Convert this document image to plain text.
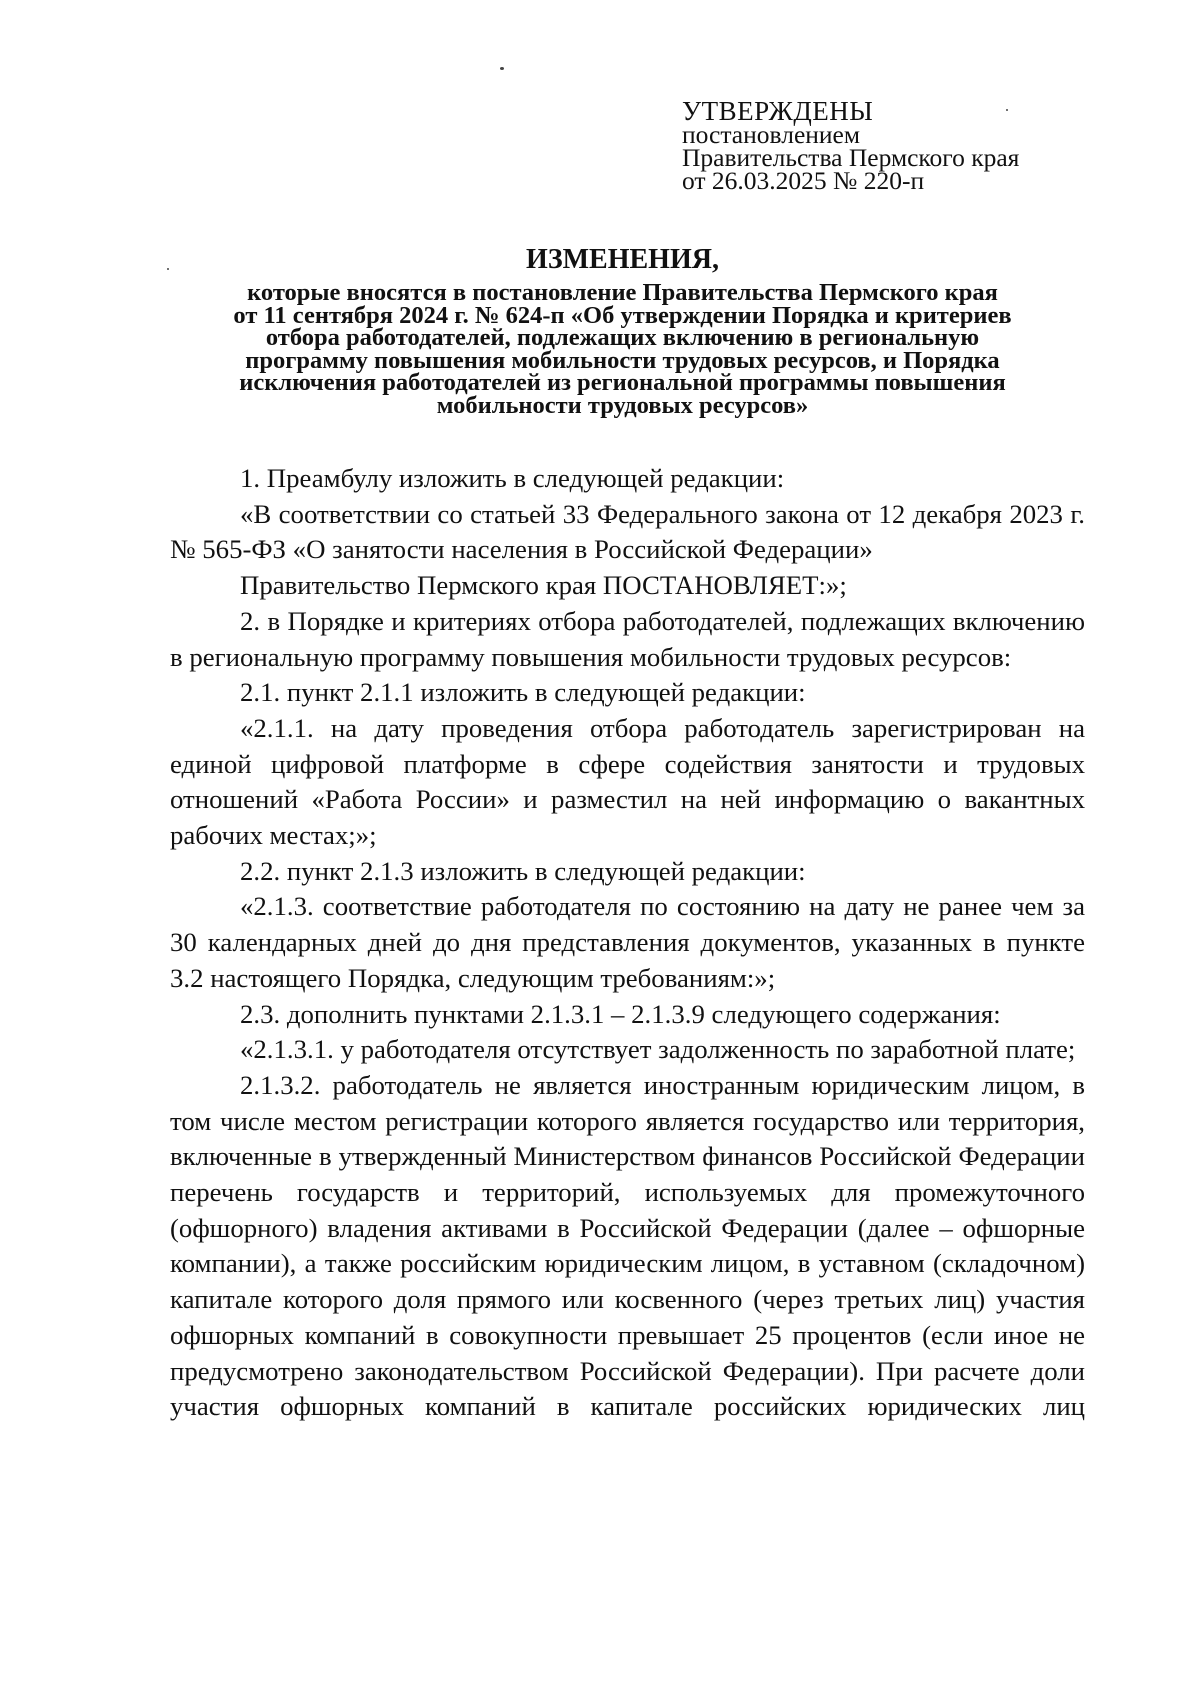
УТВЕРЖДЕНЫ
постановлением
Правительства Пермского края
от 26.03.2025 № 220-п
ИЗМЕНЕНИЯ,
которые вносятся в постановление Правительства Пермского края
от 11 сентября 2024 г. № 624-п «Об утверждении Порядка и критериев
отбора работодателей, подлежащих включению в региональную
программу повышения мобильности трудовых ресурсов, и Порядка
исключения работодателей из региональной программы повышения
мобильности трудовых ресурсов»

1. Преамбулу изложить в следующей редакции:

«В соответствии со статьей 33 Федерального закона от 12 декабря 2023 г. № 565-ФЗ «О занятости населения в Российской Федерации»

Правительство Пермского края ПОСТАНОВЛЯЕТ:»;

2. в Порядке и критериях отбора работодателей, подлежащих включению в региональную программу повышения мобильности трудовых ресурсов:

2.1. пункт 2.1.1 изложить в следующей редакции:

«2.1.1. на дату проведения отбора работодатель зарегистрирован на единой цифровой платформе в сфере содействия занятости и трудовых отношений «Работа России» и разместил на ней информацию о вакантных рабочих местах;»;

2.2. пункт 2.1.3 изложить в следующей редакции:

«2.1.3. соответствие работодателя по состоянию на дату не ранее чем за 30 календарных дней до дня представления документов, указанных в пункте 3.2 настоящего Порядка, следующим требованиям:»;

2.3. дополнить пунктами 2.1.3.1 – 2.1.3.9 следующего содержания:

«2.1.3.1. у работодателя отсутствует задолженность по заработной плате;

2.1.3.2. работодатель не является иностранным юридическим лицом, в том числе местом регистрации которого является государство или территория, включенные в утвержденный Министерством финансов Российской Федерации перечень государств и территорий, используемых для промежуточного (офшорного) владения активами в Российской Федерации (далее – офшорные компании), а также российским юридическим лицом, в уставном (складочном) капитале которого доля прямого или косвенного (через третьих лиц) участия офшорных компаний в совокупности превышает 25 процентов (если иное не предусмотрено законодательством Российской Федерации). При расчете доли участия офшорных компаний в капитале российских юридических лиц
